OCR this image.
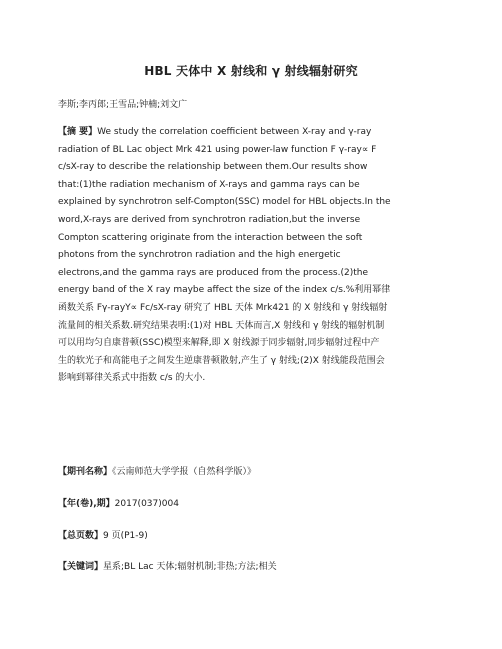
HBL 天体中 X 射线和 γ 射线辐射研究
李斯;李丙郎;王雪品;钟楠;刘文广
【摘 要】We study the correlation coefficient between X-ray and γ-ray
radiation of BL Lac object Mrk 421 using power-law function F γ-ray∝ F
c/sX-ray to describe the relationship between them.Our results show
that:(1)the radiation mechanism of X-rays and gamma rays can be
explained by synchrotron self-Compton(SSC) model for HBL objects.In the
word,X-rays are derived from synchrotron radiation,but the inverse
Compton scattering originate from the interaction between the soft
photons from the synchrotron radiation and the high energetic
electrons,and the gamma rays are produced from the process.(2)the
energy band of the X ray maybe affect the size of the index c/s.%利用幂律
函数关系 Fγ-rayY∝ Fc/sX-ray 研究了 HBL 天体 Mrk421 的 X 射线和 γ 射线辐射
流量间的相关系数.研究结果表明:(1)对 HBL 天体而言,X 射线和 γ 射线的辐射机制
可以用均匀自康普顿(SSC)模型来解释,即 X 射线源于同步辐射,同步辐射过程中产
生的软光子和高能电子之间发生逆康普顿散射,产生了 γ 射线;(2)X 射线能段范围会
影响到幂律关系式中指数 c/s 的大小.
【期刊名称】《云南师范大学学报（自然科学版）》
【年(卷),期】2017(037)004
【总页数】9 页(P1-9)
【关键词】星系;BL Lac 天体;辐射机制;非热;方法;相关
